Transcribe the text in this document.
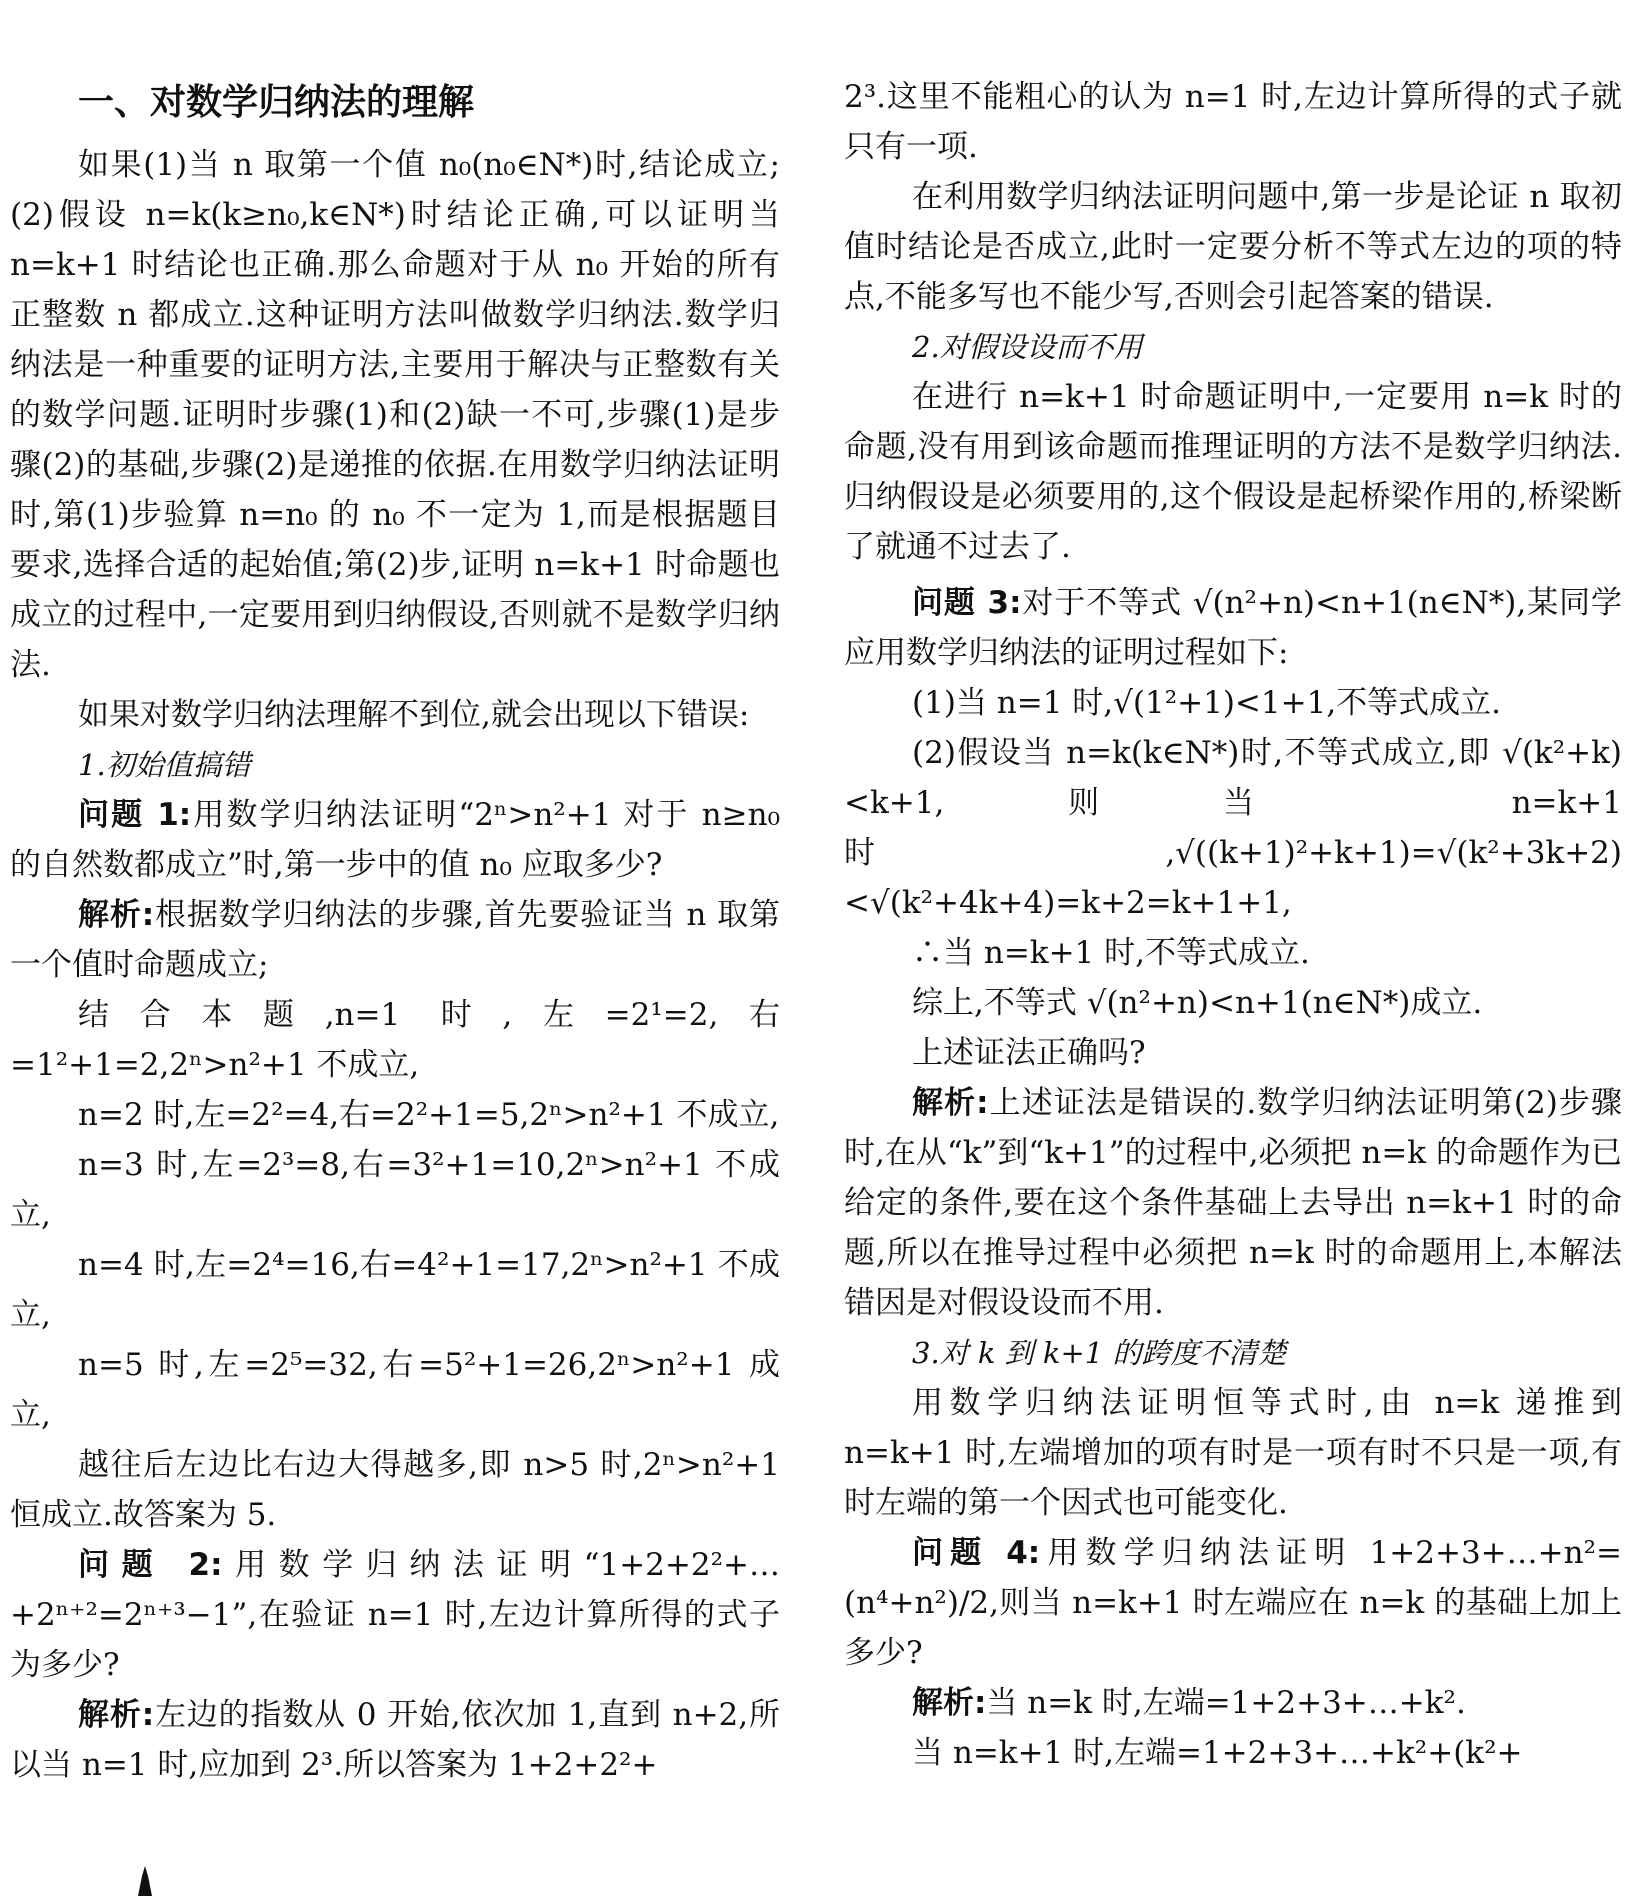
一、对数学归纳法的理解

如果(1)当 n 取第一个值 n₀(n₀∈N*)时,结论成立;(2)假设 n=k(k≥n₀,k∈N*)时结论正确,可以证明当 n=k+1 时结论也正确.那么命题对于从 n₀ 开始的所有正整数 n 都成立.这种证明方法叫做数学归纳法.数学归纳法是一种重要的证明方法,主要用于解决与正整数有关的数学问题.证明时步骤(1)和(2)缺一不可,步骤(1)是步骤(2)的基础,步骤(2)是递推的依据.在用数学归纳法证明时,第(1)步验算 n=n₀ 的 n₀ 不一定为 1,而是根据题目要求,选择合适的起始值;第(2)步,证明 n=k+1 时命题也成立的过程中,一定要用到归纳假设,否则就不是数学归纳法.

如果对数学归纳法理解不到位,就会出现以下错误:

1.初始值搞错

问题 1:用数学归纳法证明“2ⁿ>n²+1 对于 n≥n₀ 的自然数都成立”时,第一步中的值 n₀ 应取多少?

解析:根据数学归纳法的步骤,首先要验证当 n 取第一个值时命题成立;

结合本题,n=1 时,左=2¹=2,右=1²+1=2,2ⁿ>n²+1 不成立,

n=2 时,左=2²=4,右=2²+1=5,2ⁿ>n²+1 不成立,

n=3 时,左=2³=8,右=3²+1=10,2ⁿ>n²+1 不成立,

n=4 时,左=2⁴=16,右=4²+1=17,2ⁿ>n²+1 不成立,

n=5 时,左=2⁵=32,右=5²+1=26,2ⁿ>n²+1 成立,

越往后左边比右边大得越多,即 n>5 时,2ⁿ>n²+1 恒成立.故答案为 5.

问题 2:用数学归纳法证明“1+2+2²+…+2ⁿ⁺²=2ⁿ⁺³−1”,在验证 n=1 时,左边计算所得的式子为多少?

解析:左边的指数从 0 开始,依次加 1,直到 n+2,所以当 n=1 时,应加到 2³.所以答案为 1+2+2²+

2³.这里不能粗心的认为 n=1 时,左边计算所得的式子就只有一项.

在利用数学归纳法证明问题中,第一步是论证 n 取初值时结论是否成立,此时一定要分析不等式左边的项的特点,不能多写也不能少写,否则会引起答案的错误.

2.对假设设而不用

在进行 n=k+1 时命题证明中,一定要用 n=k 时的命题,没有用到该命题而推理证明的方法不是数学归纳法.归纳假设是必须要用的,这个假设是起桥梁作用的,桥梁断了就通不过去了.

问题 3:对于不等式 √(n²+n)<n+1(n∈N*),某同学应用数学归纳法的证明过程如下:

(1)当 n=1 时,√(1²+1)<1+1,不等式成立.

(2)假设当 n=k(k∈N*)时,不等式成立,即 √(k²+k)<k+1,则当 n=k+1 时,√((k+1)²+k+1)=√(k²+3k+2)<√(k²+4k+4)=k+2=k+1+1,

∴当 n=k+1 时,不等式成立.

综上,不等式 √(n²+n)<n+1(n∈N*)成立.

上述证法正确吗?

解析:上述证法是错误的.数学归纳法证明第(2)步骤时,在从“k”到“k+1”的过程中,必须把 n=k 的命题作为已给定的条件,要在这个条件基础上去导出 n=k+1 时的命题,所以在推导过程中必须把 n=k 时的命题用上,本解法错因是对假设设而不用.

3.对 k 到 k+1 的跨度不清楚

用数学归纳法证明恒等式时,由 n=k 递推到 n=k+1 时,左端增加的项有时是一项有时不只是一项,有时左端的第一个因式也可能变化.

问题 4:用数学归纳法证明 1+2+3+…+n²=(n⁴+n²)/2,则当 n=k+1 时左端应在 n=k 的基础上加上多少?

解析:当 n=k 时,左端=1+2+3+…+k².

当 n=k+1 时,左端=1+2+3+…+k²+(k²+
